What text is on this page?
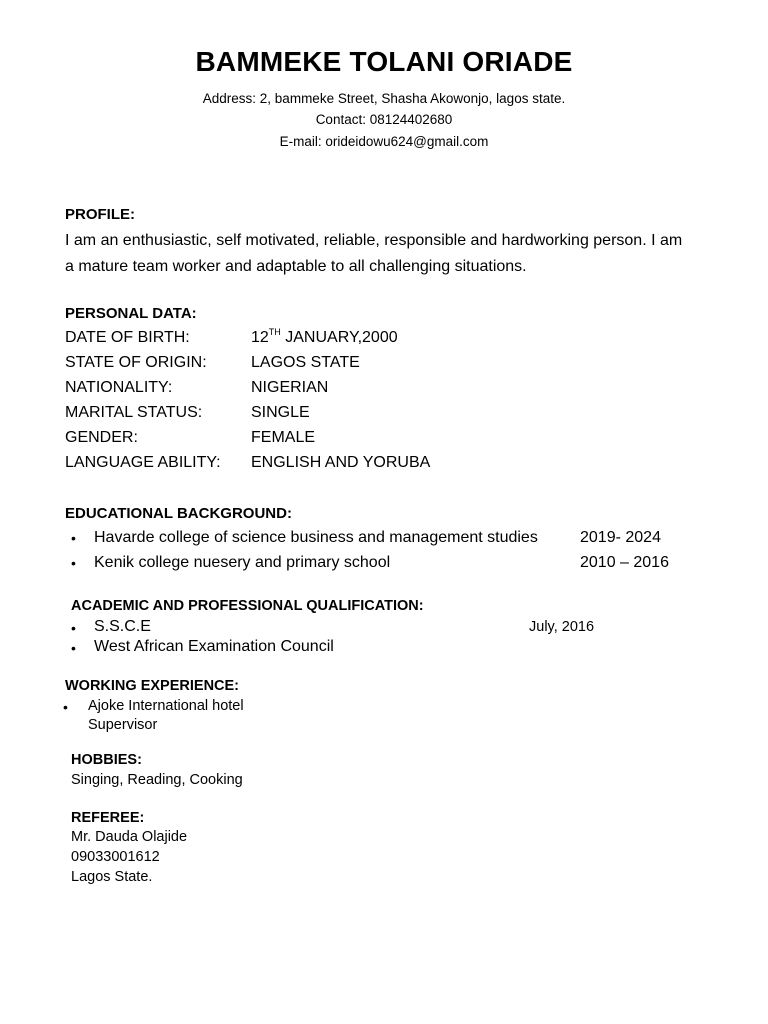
BAMMEKE TOLANI ORIADE
Address: 2, bammeke Street, Shasha Akowonjo, lagos state.
Contact: 08124402680
E-mail: orideidowu624@gmail.com
PROFILE:
I am an enthusiastic, self motivated, reliable, responsible and hardworking person. I am a mature team worker and adaptable to all challenging situations.
PERSONAL DATA:
DATE OF BIRTH:	12TH JANUARY,2000
STATE OF ORIGIN:	LAGOS STATE
NATIONALITY:	NIGERIAN
MARITAL STATUS:	SINGLE
GENDER:	FEMALE
LANGUAGE ABILITY: ENGLISH AND YORUBA
EDUCATIONAL BACKGROUND:
• Havarde college of science business and management studies	2019- 2024
• Kenik college nuesery and primary school	2010 – 2016
ACADEMIC AND PROFESSIONAL QUALIFICATION:
• S.S.C.E	July, 2016
• West African Examination Council
WORKING EXPERIENCE:
• Ajoke International hotel
Supervisor
HOBBIES:
Singing, Reading, Cooking
REFEREE:
Mr. Dauda Olajide
09033001612
Lagos State.
